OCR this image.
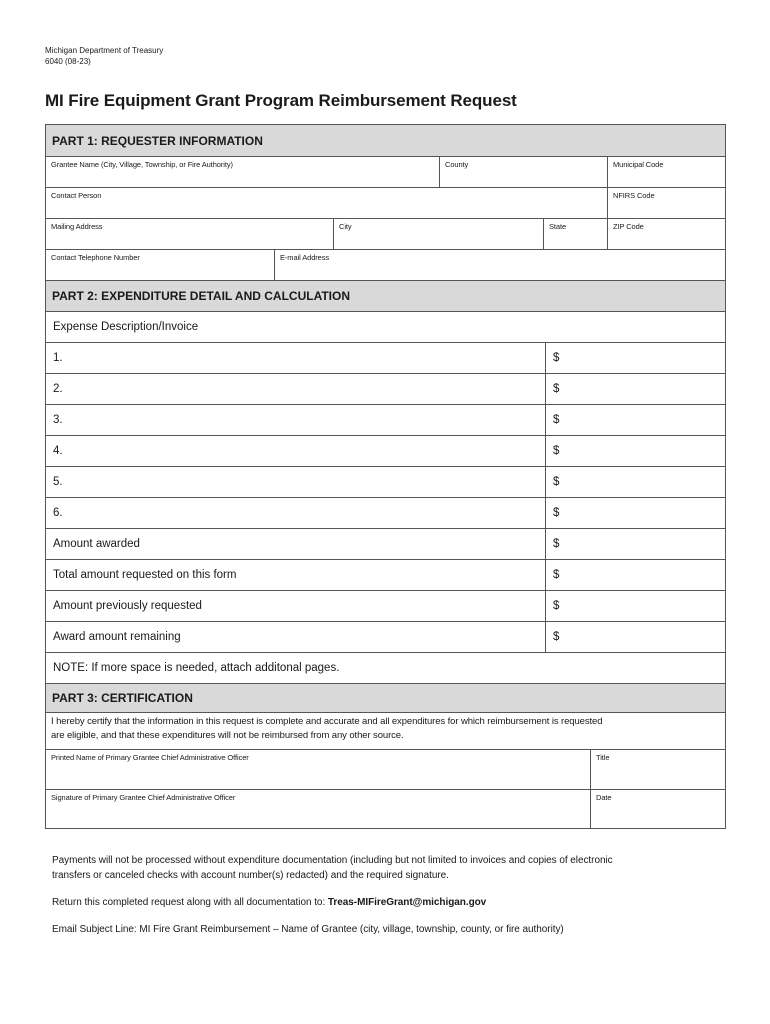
Michigan Department of Treasury
6040 (08-23)
MI Fire Equipment Grant Program Reimbursement Request
PART 1: REQUESTER INFORMATION
Grantee Name (City, Village, Township, or Fire Authority)	County	Municipal Code
Contact Person	NFIRS Code
Mailing Address	City	State	ZIP Code
Contact Telephone Number	E-mail Address
PART 2: EXPENDITURE DETAIL AND CALCULATION
Expense Description/Invoice
1.	$
2.	$
3.	$
4.	$
5.	$
6.	$
Amount awarded	$
Total amount requested on this form	$
Amount previously requested	$
Award amount remaining	$
NOTE: If more space is needed, attach additonal pages.
PART 3: CERTIFICATION
I hereby certify that the information in this request is complete and accurate and all expenditures for which reimbursement is requested
are eligible, and that these expenditures will not be reimbursed from any other source.
Printed Name of Primary Grantee Chief Administrative Officer	Title
Signature of Primary Grantee Chief Administrative Officer	Date
Payments will not be processed without expenditure documentation (including but not limited to invoices and copies of electronic
transfers or canceled checks with account number(s) redacted) and the required signature.
Return this completed request along with all documentation to: Treas-MIFireGrant@michigan.gov
Email Subject Line: MI Fire Grant Reimbursement – Name of Grantee (city, village, township, county, or fire authority)
